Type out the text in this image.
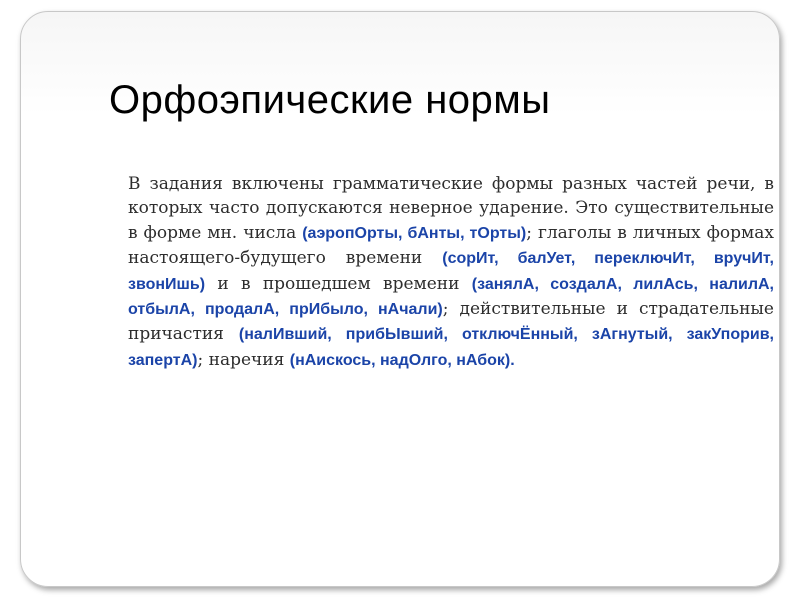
Орфоэпические нормы

В задания включены грамматические формы разных частей речи, в которых часто допускаются неверное ударение. Это существительные в форме мн. числа (аэропОрты, бАнты, тОрты); глаголы в личных формах настоящего-будущего времени (сорИт, балУет, переключИт, вручИт, звонИшь) и в прошедшем времени (занялА, создалА, лилАсь, налилА, отбылА, продалА, прИбыло, нАчали); действительные и страдательные причастия (налИвший, прибЫвший, отключЁнный, зАгнутый, закУпорив, запертА); наречия (нАискось, надОлго, нАбок).
